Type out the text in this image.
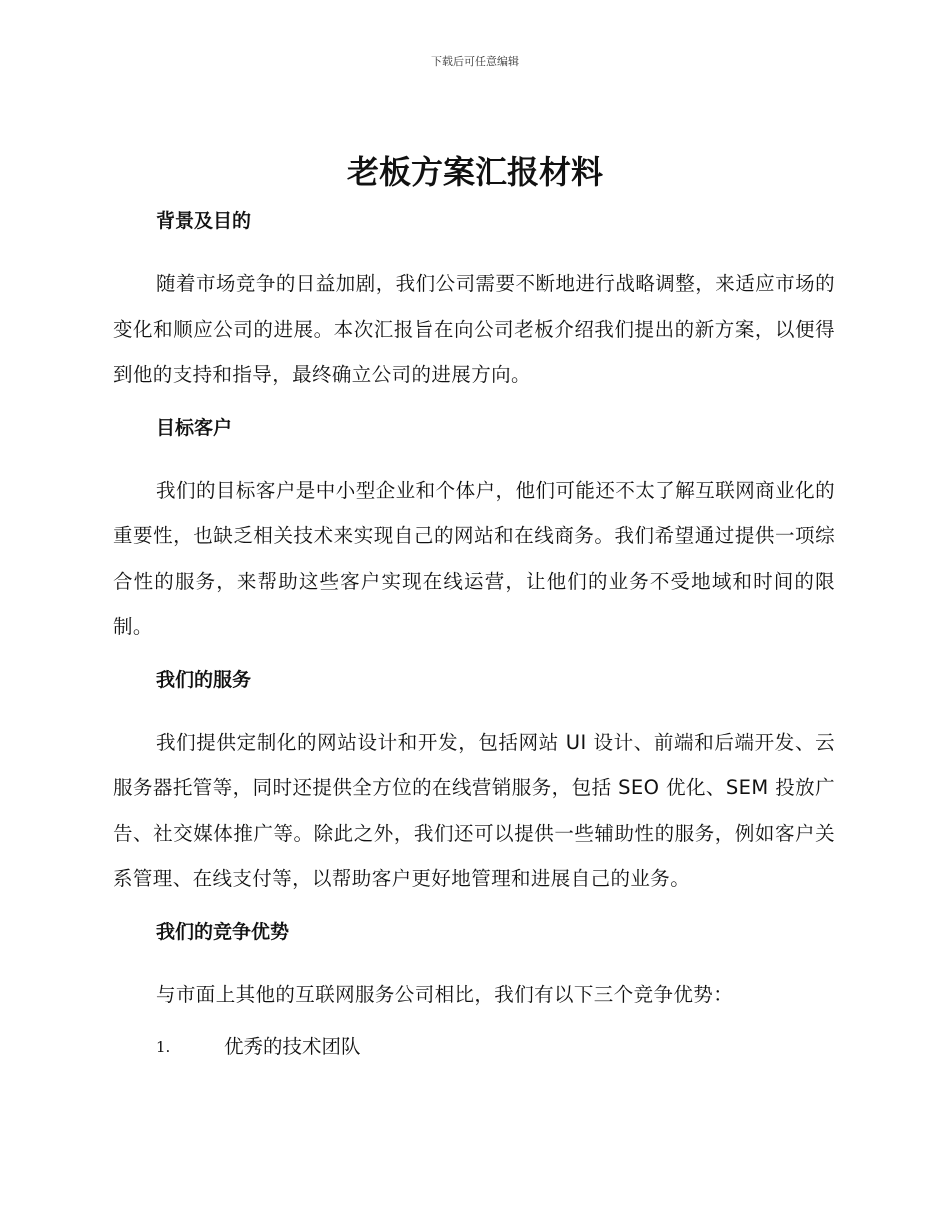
下载后可任意编辑
老板方案汇报材料
背景及目的

随着市场竞争的日益加剧，我们公司需要不断地进行战略调整，来适应市场的变化和顺应公司的进展。本次汇报旨在向公司老板介绍我们提出的新方案，以便得到他的支持和指导，最终确立公司的进展方向。

目标客户

我们的目标客户是中小型企业和个体户，他们可能还不太了解互联网商业化的重要性，也缺乏相关技术来实现自己的网站和在线商务。我们希望通过提供一项综合性的服务，来帮助这些客户实现在线运营，让他们的业务不受地域和时间的限制。

我们的服务

我们提供定制化的网站设计和开发，包括网站 UI 设计、前端和后端开发、云服务器托管等，同时还提供全方位的在线营销服务，包括 SEO 优化、SEM 投放广告、社交媒体推广等。除此之外，我们还可以提供一些辅助性的服务，例如客户关系管理、在线支付等，以帮助客户更好地管理和进展自己的业务。

我们的竞争优势

与市面上其他的互联网服务公司相比，我们有以下三个竞争优势：

1.	优秀的技术团队
